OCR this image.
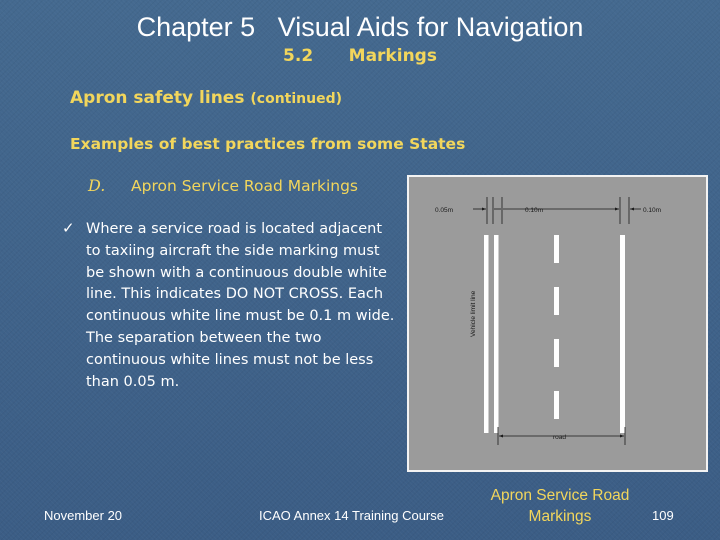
Chapter 5   Visual Aids for Navigation
5.2      Markings
Apron safety lines (continued)
Examples of best practices from some States
D. Apron Service Road Markings
✓ Where a service road is located adjacent to taxiing aircraft the side marking must be shown with a continuous double white line. This indicates DO NOT CROSS. Each continuous white line must be 0.1 m wide. The separation between the two continuous white lines must not be less than 0.05 m.
0.05m	0.10m	0.10m
Vehicle limit line
road
November 20	ICAO Annex 14 Training Course
Apron Service Road Markings	109
